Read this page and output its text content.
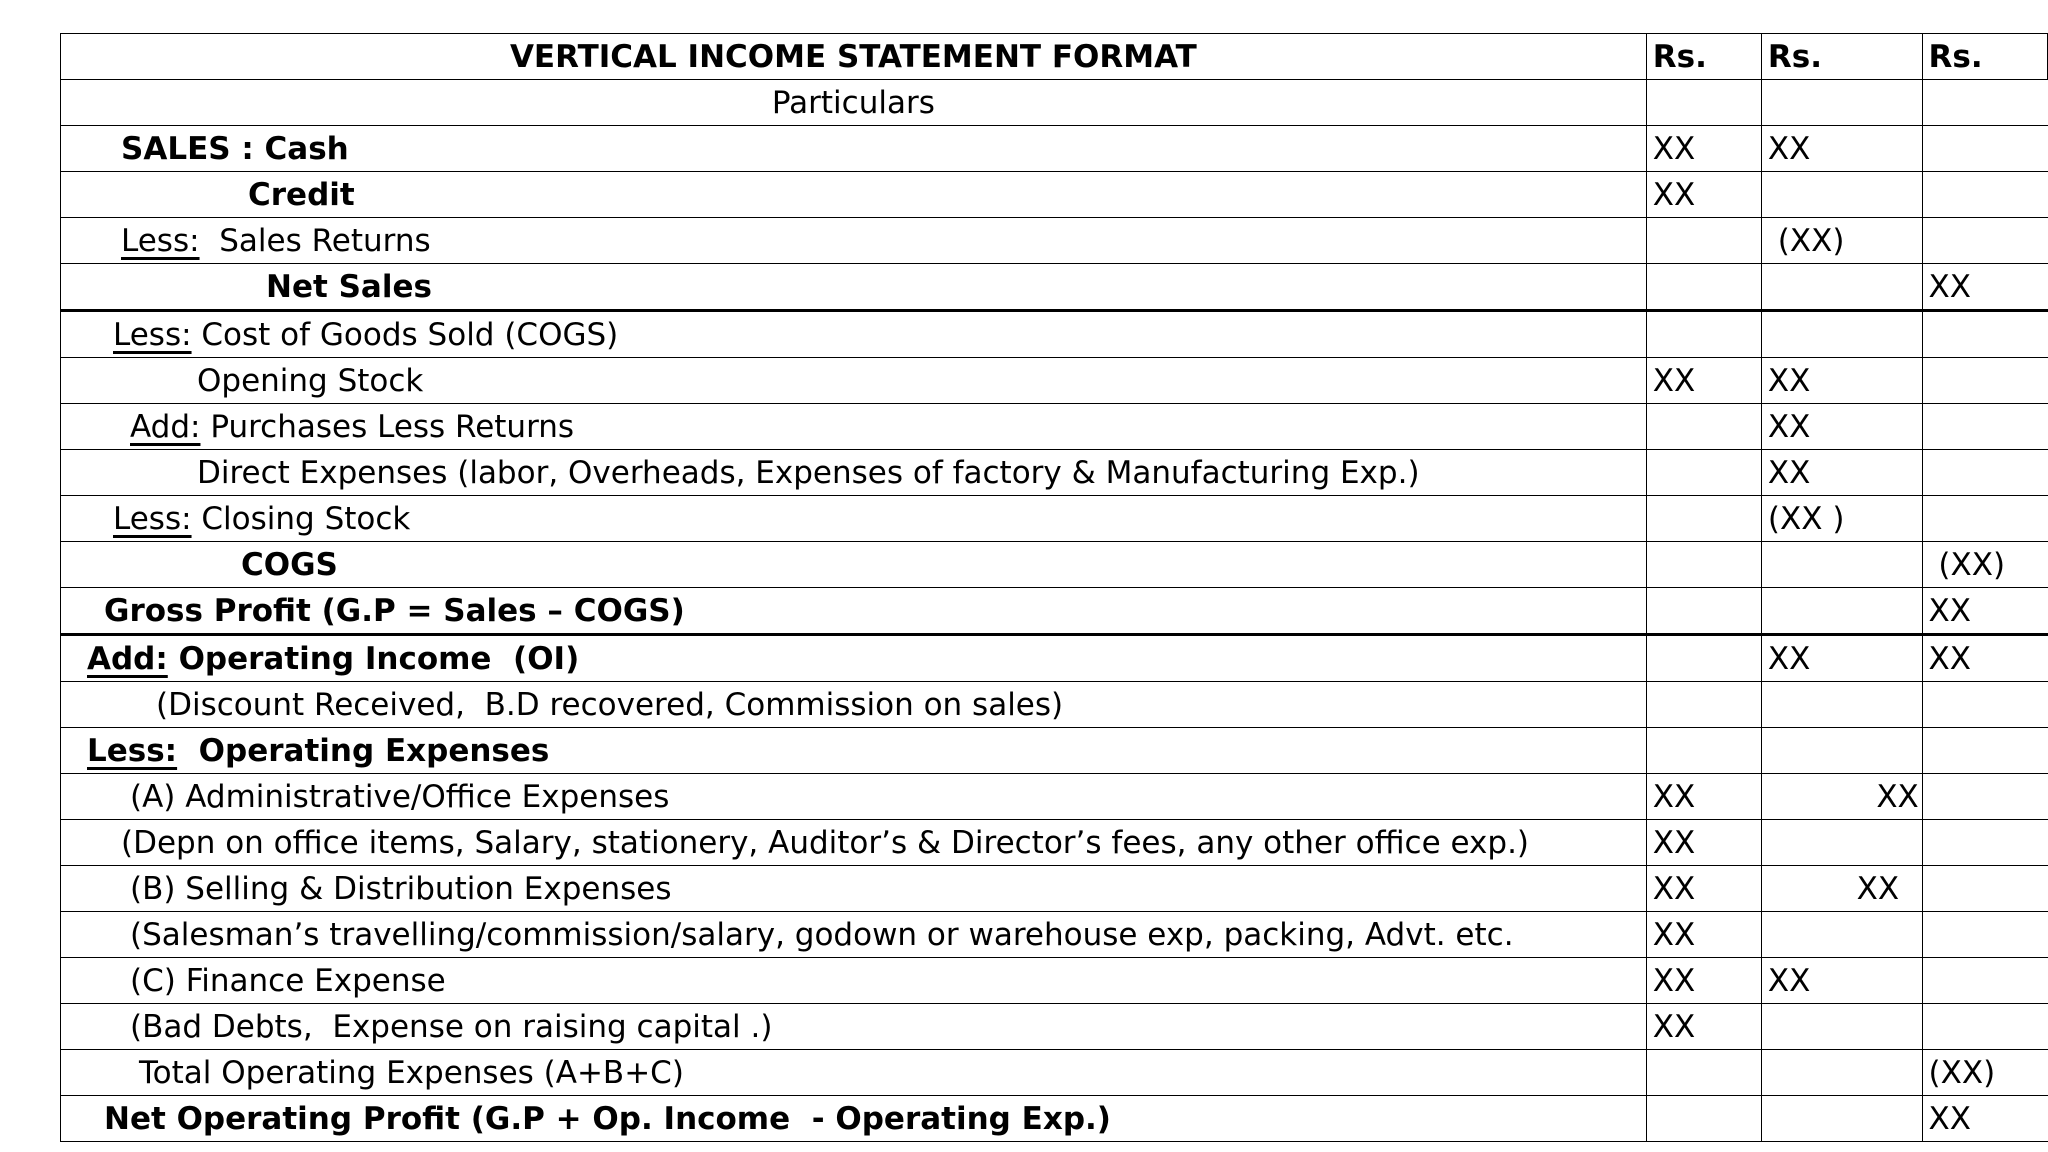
VERTICAL INCOME STATEMENT FORMAT	Rs.	Rs.	Rs.
Particulars			
SALES : Cash	XX	XX	
Credit	XX		
Less:  Sales Returns		(XX)	
Net Sales			XX
Less: Cost of Goods Sold (COGS)			
Opening Stock	XX	XX	
Add: Purchases Less Returns		XX	
Direct Expenses (labor, Overheads, Expenses of factory & Manufacturing Exp.)		XX	
Less: Closing Stock		(XX )	
COGS			(XX)
Gross Profit (G.P = Sales – COGS)			XX
Add: Operating Income  (OI)		XX	XX
(Discount Received,  B.D recovered, Commission on sales)			
Less:  Operating Expenses			
(A) Administrative/Office Expenses	XX	XX	
(Depn on office items, Salary, stationery, Auditor’s & Director’s fees, any other office exp.)	XX		
(B) Selling & Distribution Expenses	XX	XX	
(Salesman’s travelling/commission/salary, godown or warehouse exp, packing, Advt. etc.	XX		
(C) Finance Expense	XX	XX	
(Bad Debts,  Expense on raising capital .)	XX		
Total Operating Expenses (A+B+C)			(XX)
Net Operating Profit (G.P + Op. Income  - Operating Exp.)			XX
